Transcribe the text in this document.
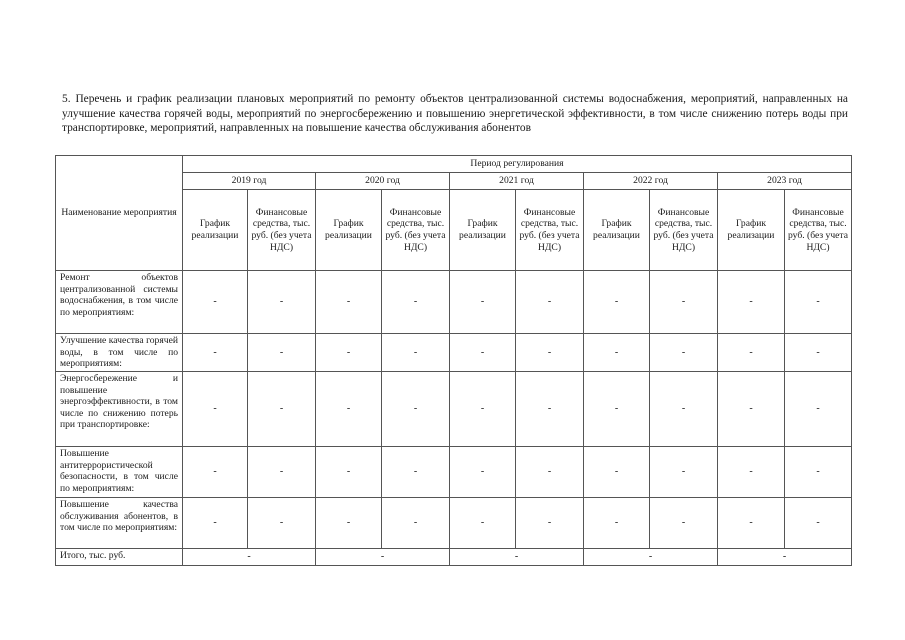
5. Перечень и график реализации плановых мероприятий по ремонту объектов централизованной системы водоснабжения, мероприятий, направленных на улучшение качества горячей воды, мероприятий по энергосбережению и повышению энергетической эффективности, в том числе снижению потерь воды при транспортировке, мероприятий, направленных на повышение качества обслуживания абонентов

Наименование мероприятия	Период регулирования									
	2019 год		2020 год		2021 год		2022 год		2023 год	
	График реализации	Финансовые средства, тыс. руб. (без учета НДС)	График реализации	Финансовые средства, тыс. руб. (без учета НДС)	График реализации	Финансовые средства, тыс. руб. (без учета НДС)	График реализации	Финансовые средства, тыс. руб. (без учета НДС)	График реализации	Финансовые средства, тыс. руб. (без учета НДС)
Ремонт объектов централизованной системы водоснабжения, в том числе по мероприятиям:	-	-	-	-	-	-	-	-	-	-
Улучшение качества горячей воды, в том числе по мероприятиям:	-	-	-	-	-	-	-	-	-	-
Энергосбережение и повышение энергоэффективности, в том числе по снижению потерь при транспортировке:	-	-	-	-	-	-	-	-	-	-
Повышение антитеррористической безопасности, в том числе по мероприятиям:	-	-	-	-	-	-	-	-	-	-
Повышение качества обслуживания абонентов, в том числе по мероприятиям:	-	-	-	-	-	-	-	-	-	-
Итого, тыс. руб.	-		-		-		-		-	
